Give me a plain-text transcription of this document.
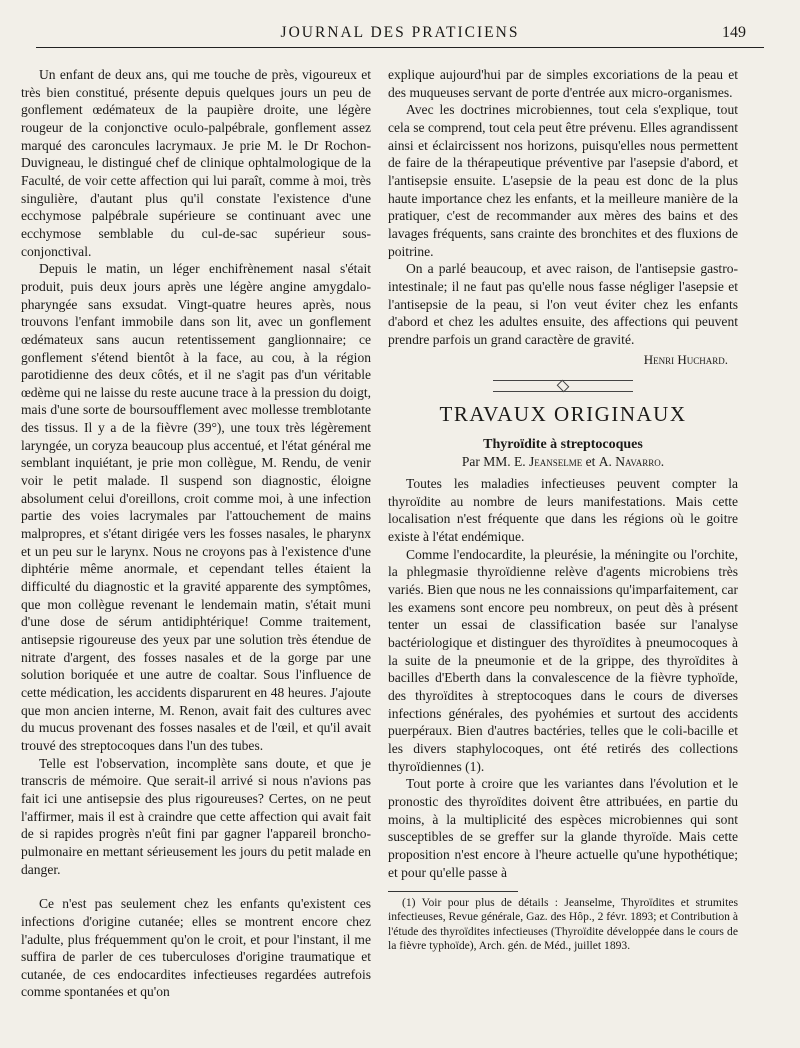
JOURNAL DES PRATICIENS	149

Un enfant de deux ans, qui me touche de près, vigoureux et très bien constitué, présente depuis quelques jours un peu de gonflement œdémateux de la paupière droite, une légère rougeur de la conjonctive oculo-palpébrale, gonflement assez marqué des caroncules lacrymaux. Je prie M. le Dr Rochon-Duvigneau, le distingué chef de clinique ophtalmologique de la Faculté, de voir cette affection qui lui paraît, comme à moi, très singulière, d'autant plus qu'il constate l'existence d'une ecchymose palpébrale supérieure se continuant avec une ecchymose semblable du cul-de-sac supérieur sous-conjonctival.

Depuis le matin, un léger enchifrènement nasal s'était produit, puis deux jours après une légère angine amygdalo-pharyngée sans exsudat. Vingt-quatre heures après, nous trouvons l'enfant immobile dans son lit, avec un gonflement œdémateux sans aucun retentissement ganglionnaire; ce gonflement s'étend bientôt à la face, au cou, à la région parotidienne des deux côtés, et il ne s'agit pas d'un véritable œdème qui ne laisse du reste aucune trace à la pression du doigt, mais d'une sorte de boursoufflement avec mollesse tremblotante des tissus. Il y a de la fièvre (39°), une toux très légèrement laryngée, un coryza beaucoup plus accentué, et l'état général me semblant inquiétant, je prie mon collègue, M. Rendu, de venir voir le petit malade. Il suspend son diagnostic, éloigne absolument celui d'oreillons, croit comme moi, à une infection partie des voies lacrymales par l'attouchement de mains malpropres, et s'étant dirigée vers les fosses nasales, le pharynx et un peu sur le larynx. Nous ne croyons pas à l'existence d'une diphtérie même anormale, et cependant telles étaient la difficulté du diagnostic et la gravité apparente des symptômes, que mon collègue revenant le lendemain matin, s'était muni d'une dose de sérum antidiphtérique! Comme traitement, antisepsie rigoureuse des yeux par une solution très étendue de nitrate d'argent, des fosses nasales et de la gorge par une solution boriquée et une autre de coaltar. Sous l'influence de cette médication, les accidents disparurent en 48 heures. J'ajoute que mon ancien interne, M. Renon, avait fait des cultures avec du mucus provenant des fosses nasales et de l'œil, et qu'il avait trouvé des streptocoques dans l'un des tubes.

Telle est l'observation, incomplète sans doute, et que je transcris de mémoire. Que serait-il arrivé si nous n'avions pas fait ici une antisepsie des plus rigoureuses? Certes, on ne peut l'affirmer, mais il est à craindre que cette affection qui avait fait de si rapides progrès n'eût fini par gagner l'appareil broncho-pulmonaire en mettant sérieusement les jours du petit malade en danger.

Ce n'est pas seulement chez les enfants qu'existent ces infections d'origine cutanée; elles se montrent encore chez l'adulte, plus fréquemment qu'on le croit, et pour l'instant, il me suffira de parler de ces tuberculoses d'origine traumatique et cutanée, de ces endocardites infectieuses regardées autrefois comme spontanées et qu'on

explique aujourd'hui par de simples excoriations de la peau et des muqueuses servant de porte d'entrée aux micro-organismes.

Avec les doctrines microbiennes, tout cela s'explique, tout cela se comprend, tout cela peut être prévenu. Elles agrandissent ainsi et éclaircissent nos horizons, puisqu'elles nous permettent de faire de la thérapeutique préventive par l'asepsie d'abord, et l'antisepsie ensuite. L'asepsie de la peau est donc de la plus haute importance chez les enfants, et la meilleure manière de la pratiquer, c'est de recommander aux mères des bains et des lavages fréquents, sans crainte des bronchites et des fluxions de poitrine.

On a parlé beaucoup, et avec raison, de l'antisepsie gastro-intestinale; il ne faut pas qu'elle nous fasse négliger l'asepsie et l'antisepsie de la peau, si l'on veut éviter chez les enfants d'abord et chez les adultes ensuite, des affections qui peuvent prendre parfois un grand caractère de gravité.

Henri Huchard.
TRAVAUX ORIGINAUX
Thyroïdite à streptocoques
Par MM. E. Jeanselme et A. Navarro.

Toutes les maladies infectieuses peuvent compter la thyroïdite au nombre de leurs manifestations. Mais cette localisation n'est fréquente que dans les régions où le goitre existe à l'état endémique.

Comme l'endocardite, la pleurésie, la méningite ou l'orchite, la phlegmasie thyroïdienne relève d'agents microbiens très variés. Bien que nous ne les connaissions qu'imparfaitement, car les examens sont encore peu nombreux, on peut dès à présent tenter un essai de classification basée sur l'analyse bactériologique et distinguer des thyroïdites à pneumocoques à la suite de la pneumonie et de la grippe, des thyroïdites à bacilles d'Eberth dans la convalescence de la fièvre typhoïde, des thyroïdites à streptocoques dans le cours de diverses infections générales, des pyohémies et surtout des accidents puerpéraux. Bien d'autres bactéries, telles que le coli-bacille et les divers staphylocoques, ont été retirés des collections thyroïdiennes (1).

Tout porte à croire que les variantes dans l'évolution et le pronostic des thyroïdites doivent être attribuées, en partie du moins, à la multiplicité des espèces microbiennes qui sont susceptibles de se greffer sur la glande thyroïde. Mais cette proposition n'est encore à l'heure actuelle qu'une hypothétique; et pour qu'elle passe à

(1) Voir pour plus de détails : Jeanselme, Thyroïdites et strumites infectieuses, Revue générale, Gaz. des Hôp., 2 févr. 1893; et Contribution à l'étude des thyroïdites infectieuses (Thyroïdite développée dans le cours de la fièvre typhoïde), Arch. gén. de Méd., juillet 1893.
